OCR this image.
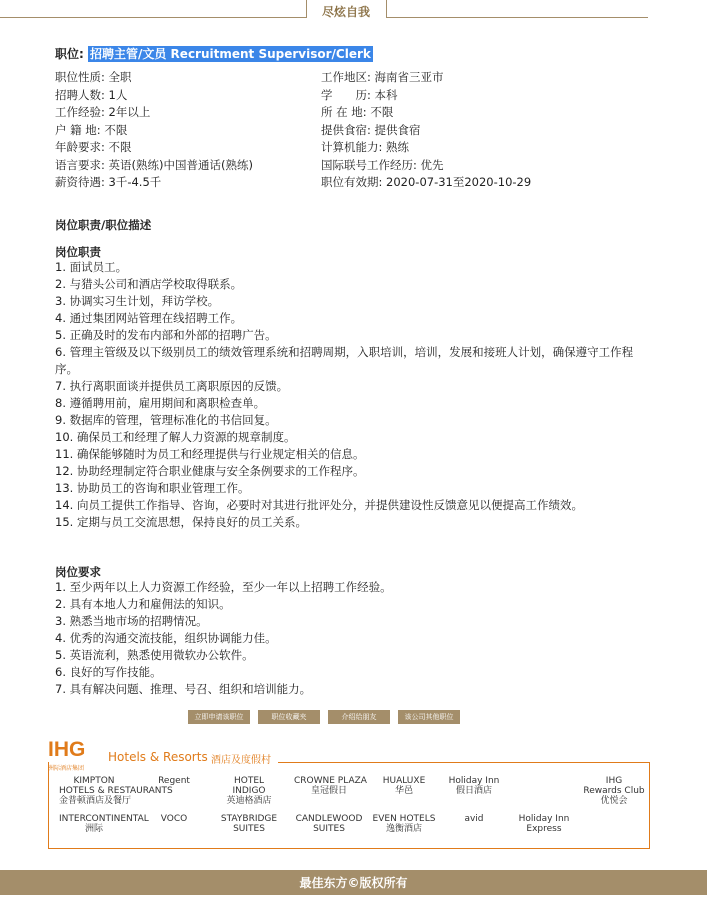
尽炫自我
职位: 招聘主管/文员 Recruitment Supervisor/Clerk
职位性质: 全职	工作地区: 海南省三亚市
招聘人数: 1人	学　　历: 本科
工作经验: 2年以上	所 在 地: 不限
户 籍 地: 不限	提供食宿: 提供食宿
年龄要求: 不限	计算机能力: 熟练
语言要求: 英语(熟练)中国普通话(熟练)	国际联号工作经历: 优先
薪资待遇: 3千-4.5千	职位有效期: 2020-07-31至2020-10-29
岗位职责/职位描述
岗位职责
1. 面试员工。
2. 与猎头公司和酒店学校取得联系。
3. 协调实习生计划，拜访学校。
4. 通过集团网站管理在线招聘工作。
5. 正确及时的发布内部和外部的招聘广告。
6. 管理主管级及以下级别员工的绩效管理系统和招聘周期，入职培训，培训，发展和接班人计划，确保遵守工作程序。
7. 执行离职面谈并提供员工离职原因的反馈。
8. 遵循聘用前，雇用期间和离职检查单。
9. 数据库的管理，管理标准化的书信回复。
10. 确保员工和经理了解人力资源的规章制度。
11. 确保能够随时为员工和经理提供与行业规定相关的信息。
12. 协助经理制定符合职业健康与安全条例要求的工作程序。
13. 协助员工的咨询和职业管理工作。
14. 向员工提供工作指导、咨询，必要时对其进行批评处分，并提供建设性反馈意见以便提高工作绩效。
15. 定期与员工交流思想，保持良好的员工关系。
岗位要求
1. 至少两年以上人力资源工作经验，至少一年以上招聘工作经验。
2. 具有本地人力和雇佣法的知识。
3. 熟悉当地市场的招聘情况。
4. 优秀的沟通交流技能，组织协调能力佳。
5. 英语流利，熟悉使用微软办公软件。
6. 良好的写作技能。
7. 具有解决问题、推理、号召、组织和培训能力。
立即申请该职位	职位收藏夹	介绍给朋友	该公司其他职位
IHG
洲际酒店集团
Hotels & Resorts 酒店及度假村
KIMPTON
HOTELS & RESTAURANTS
金普顿酒店及餐厅
Regent	HOTEL
INDIGO
英迪格酒店
CROWNE PLAZA
皇冠假日
HUALUXE
华邑
Holiday Inn
假日酒店
IHG
Rewards Club
优悦会
INTERCONTINENTAL
洲际
VOCO	STAYBRIDGE
SUITES
CANDLEWOOD
SUITES
EVEN HOTELS
逸衡酒店
avid	Holiday Inn
Express
最佳东方©版权所有
